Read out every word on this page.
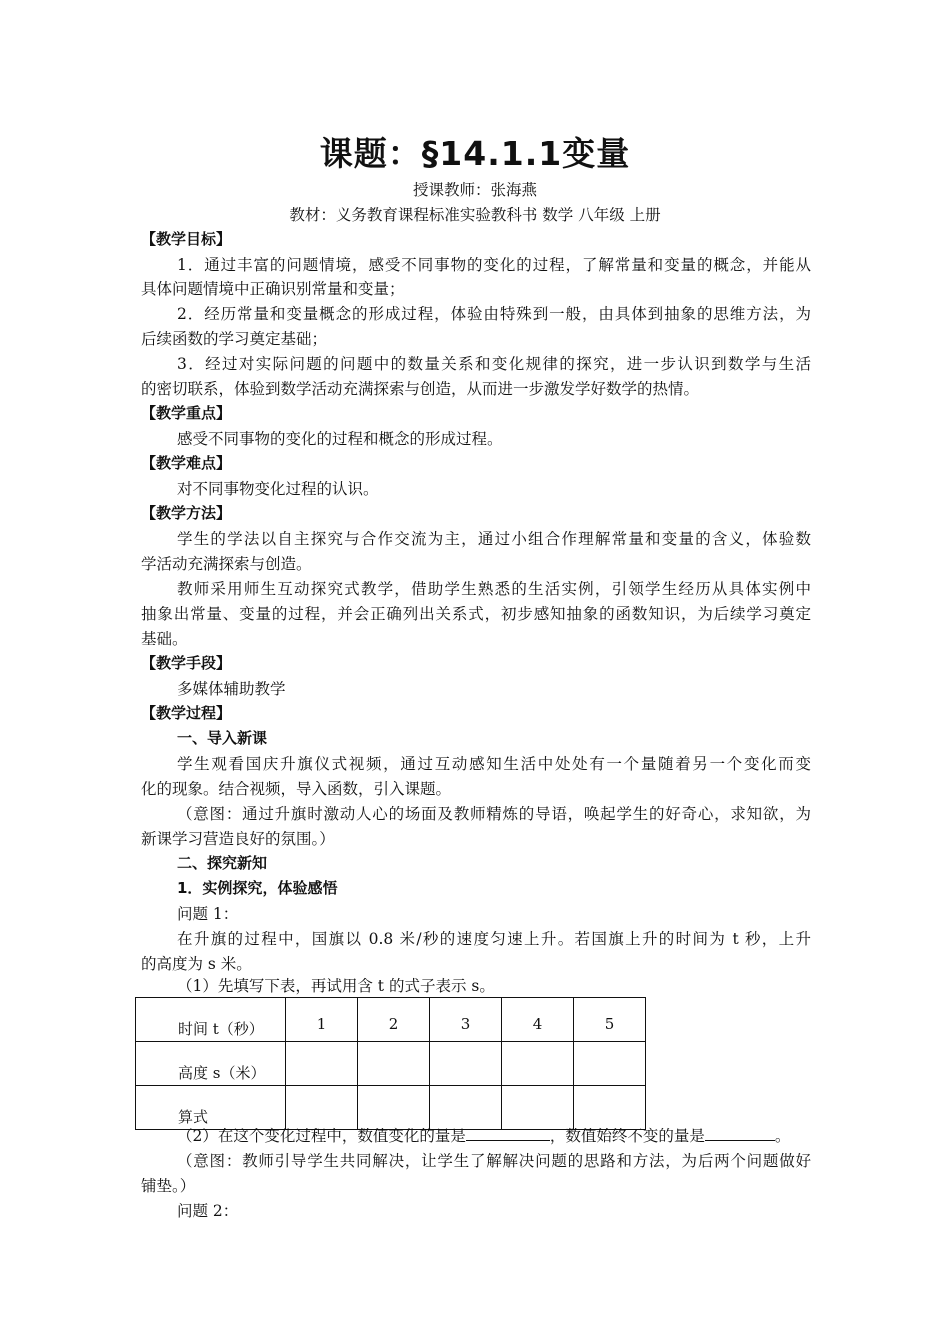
课题：§14.1.1变量
授课教师：张海燕
教材：义务教育课程标准实验教科书 数学 八年级 上册
【教学目标】
1．通过丰富的问题情境，感受不同事物的变化的过程，了解常量和变量的概念，并能从
具体问题情境中正确识别常量和变量；
2．经历常量和变量概念的形成过程，体验由特殊到一般，由具体到抽象的思维方法，为
后续函数的学习奠定基础；
3．经过对实际问题的问题中的数量关系和变化规律的探究，进一步认识到数学与生活
的密切联系，体验到数学活动充满探索与创造，从而进一步激发学好数学的热情。
【教学重点】
感受不同事物的变化的过程和概念的形成过程。
【教学难点】
对不同事物变化过程的认识。
【教学方法】
学生的学法以自主探究与合作交流为主，通过小组合作理解常量和变量的含义，体验数
学活动充满探索与创造。
教师采用师生互动探究式教学，借助学生熟悉的生活实例，引领学生经历从具体实例中
抽象出常量、变量的过程，并会正确列出关系式，初步感知抽象的函数知识，为后续学习奠定
基础。
【教学手段】
多媒体辅助教学
【教学过程】
一、导入新课
学生观看国庆升旗仪式视频，通过互动感知生活中处处有一个量随着另一个变化而变
化的现象。结合视频，导入函数，引入课题。
（意图：通过升旗时激动人心的场面及教师精炼的导语，唤起学生的好奇心，求知欲，为
新课学习营造良好的氛围。）
二、探究新知
1．实例探究，体验感悟
问题 1：
在升旗的过程中，国旗以 0.8 米/秒的速度匀速上升。若国旗上升的时间为 t 秒，上升
的高度为 s 米。
（1）先填写下表，再试用含 t 的式子表示 s。
时间 t（秒）	1	2	3	4	5
高度 s（米）					
算式					
（2）在这个变化过程中，数值变化的量是	，数值始终不变的量是	。
（意图：教师引导学生共同解决，让学生了解解决问题的思路和方法，为后两个问题做好
铺垫。）
问题 2：
